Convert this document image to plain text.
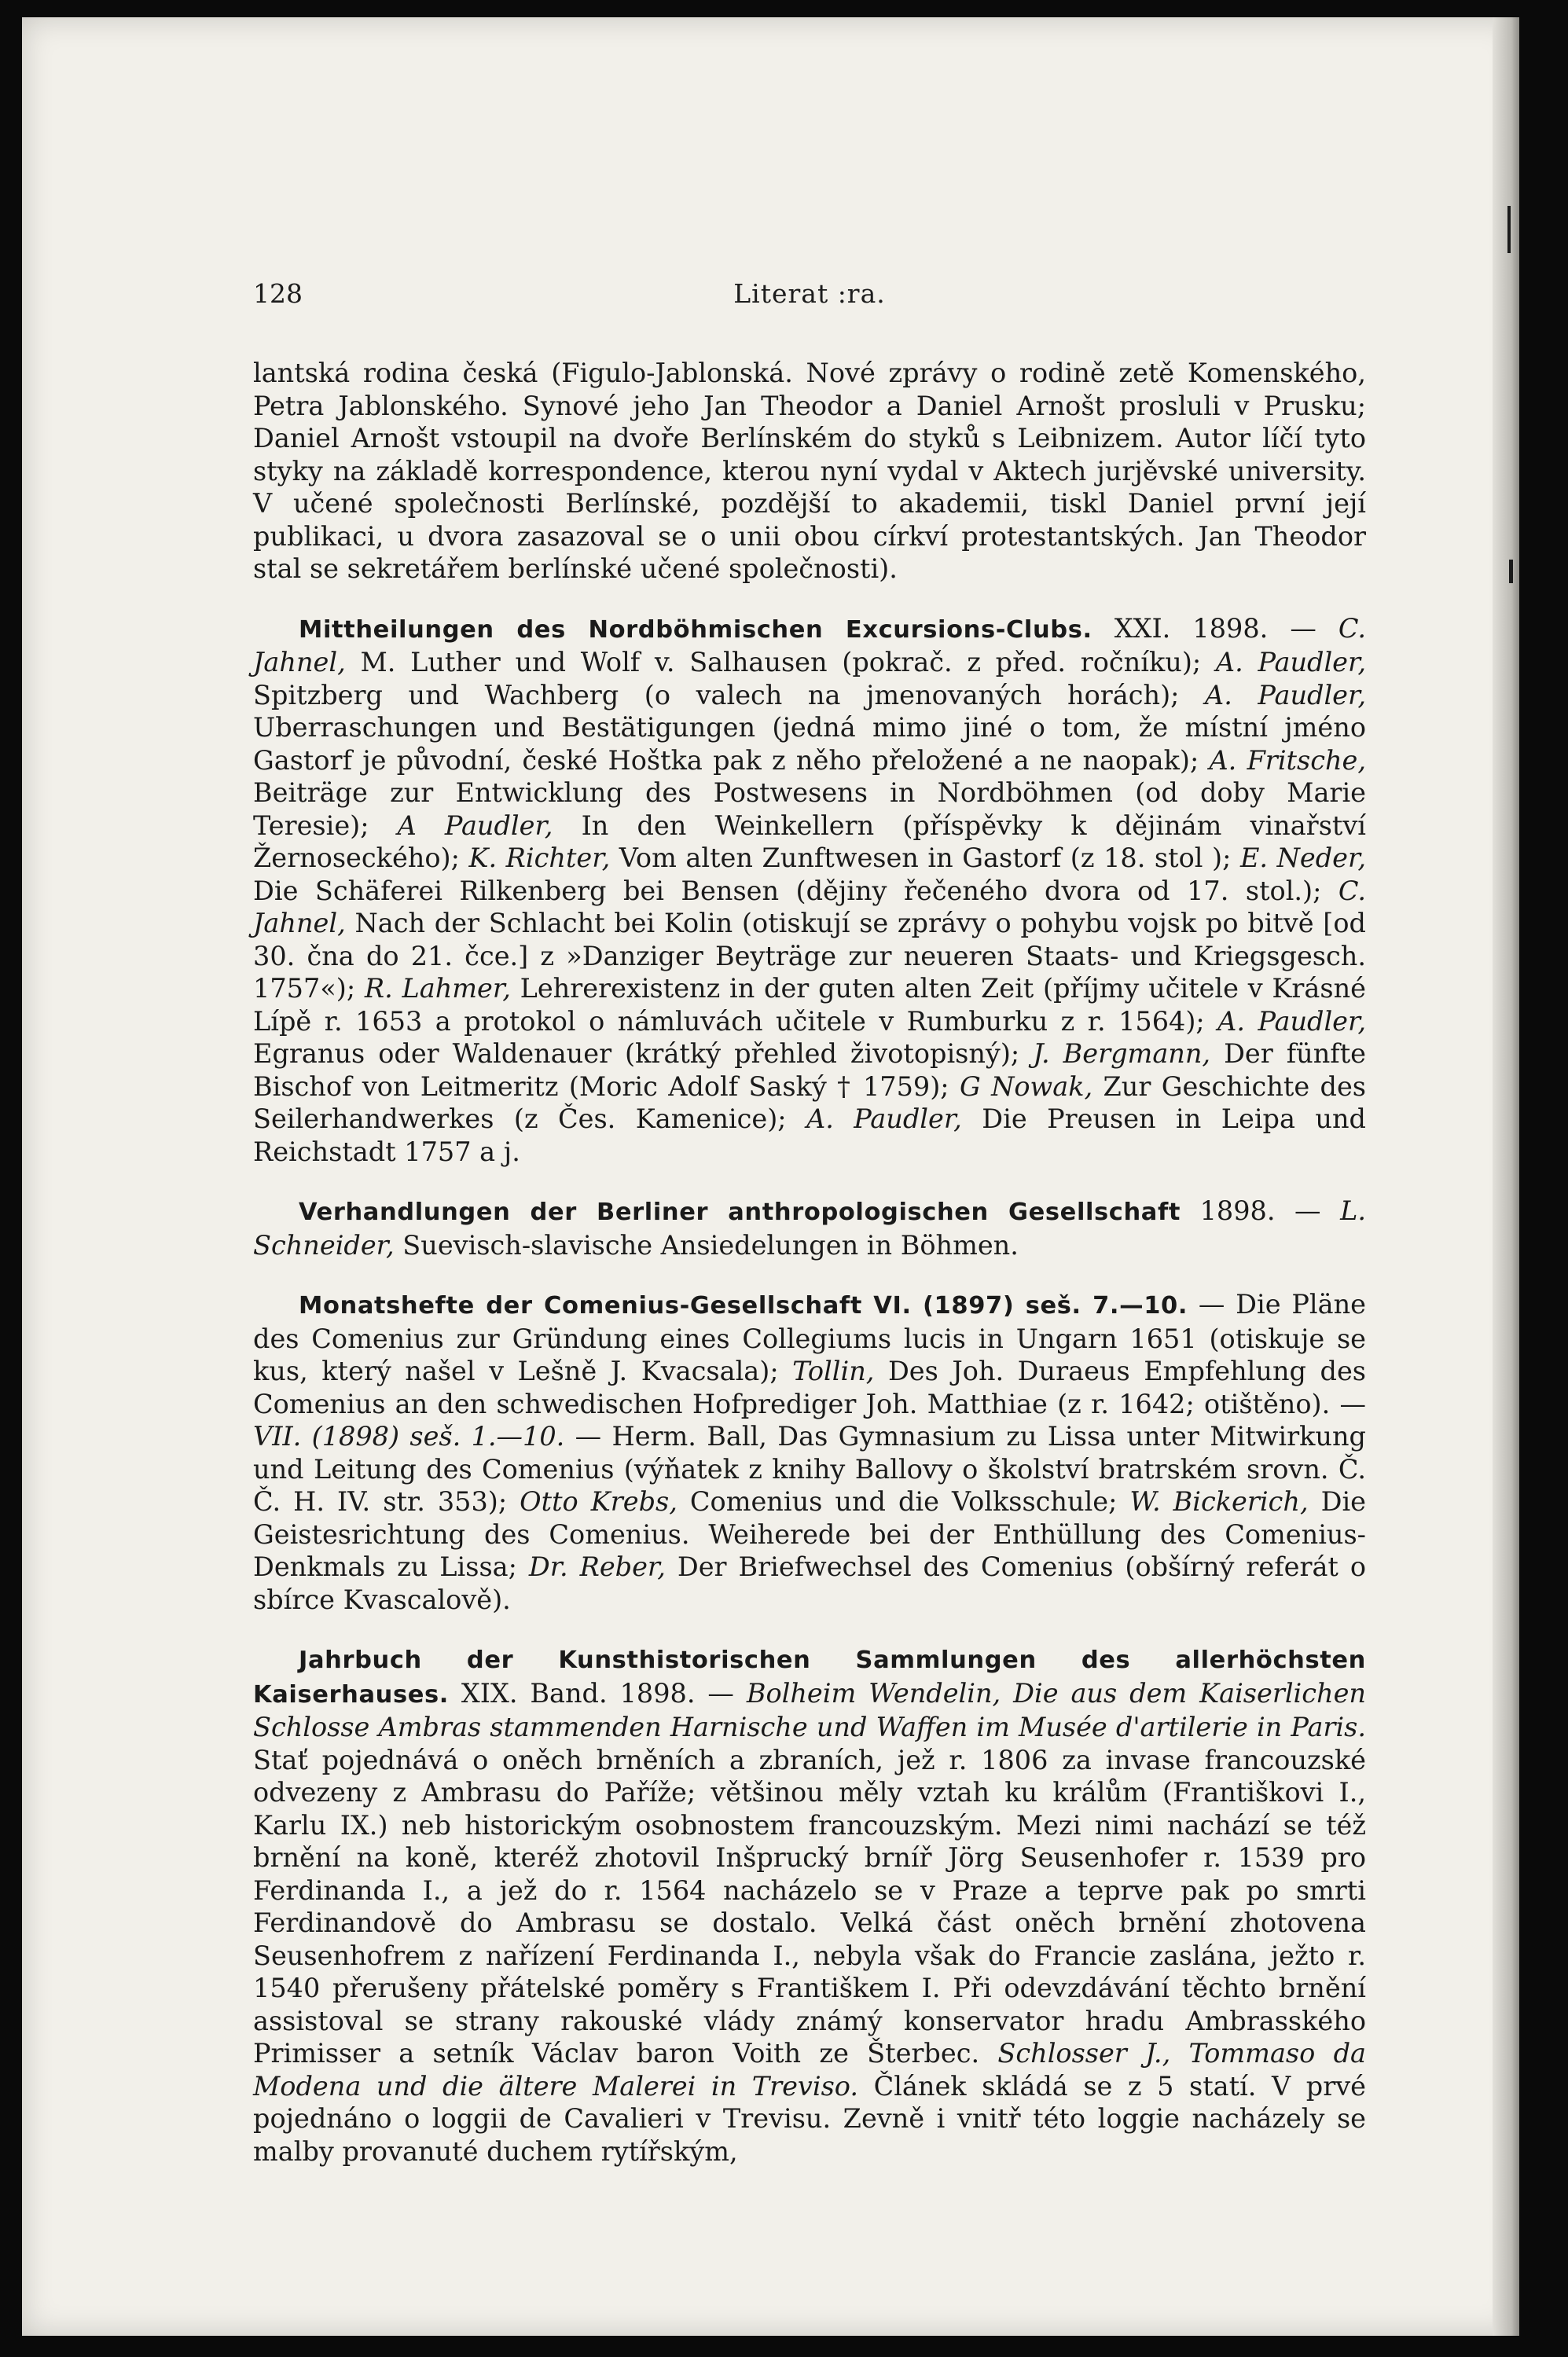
128	Literat :ra.

lantská rodina česká (Figulo-Jablonská. Nové zprávy o rodině zetě Komenského, Petra Jablonského. Synové jeho Jan Theodor a Daniel Arnošt prosluli v Prusku; Daniel Arnošt vstoupil na dvoře Berlínském do styků s Leibnizem. Autor líčí tyto styky na základě korrespondence, kterou nyní vydal v Aktech jurjěvské university. V učené společnosti Berlínské, pozdější to akademii, tiskl Daniel první její publikaci, u dvora zasazoval se o unii obou církví protestantských. Jan Theodor stal se sekretářem berlínské učené společnosti).

Mittheilungen des Nordböhmischen Excursions-Clubs. XXI. 1898. — C. Jahnel, M. Luther und Wolf v. Salhausen (pokrač. z před. ročníku); A. Paudler, Spitzberg und Wachberg (o valech na jmenovaných horách); A. Paudler, Uberraschungen und Bestätigungen (jedná mimo jiné o tom, že místní jméno Gastorf je původní, české Hoštka pak z něho přeložené a ne naopak); A. Fritsche, Beiträge zur Entwicklung des Postwesens in Nordböhmen (od doby Marie Teresie); A Paudler, In den Weinkellern (příspěvky k dějinám vinařství Žernoseckého); K. Richter, Vom alten Zunftwesen in Gastorf (z 18. stol ); E. Neder, Die Schäferei Rilkenberg bei Bensen (dějiny řečeného dvora od 17. stol.); C. Jahnel, Nach der Schlacht bei Kolin (otiskují se zprávy o pohybu vojsk po bitvě [od 30. čna do 21. čce.] z »Danziger Beyträge zur neueren Staats- und Kriegsgesch. 1757«); R. Lahmer, Lehrerexistenz in der guten alten Zeit (příjmy učitele v Krásné Lípě r. 1653 a protokol o námluvách učitele v Rumburku z r. 1564); A. Paudler, Egranus oder Waldenauer (krátký přehled životopisný); J. Bergmann, Der fünfte Bischof von Leitmeritz (Moric Adolf Saský † 1759); G Nowak, Zur Geschichte des Seilerhandwerkes (z Čes. Kamenice); A. Paudler, Die Preusen in Leipa und Reichstadt 1757 a j.

Verhandlungen der Berliner anthropologischen Gesellschaft 1898. — L. Schneider, Suevisch-slavische Ansiedelungen in Böhmen.

Monatshefte der Comenius-Gesellschaft VI. (1897) seš. 7.—10. — Die Pläne des Comenius zur Gründung eines Collegiums lucis in Ungarn 1651 (otiskuje se kus, který našel v Lešně J. Kvacsala); Tollin, Des Joh. Duraeus Empfehlung des Comenius an den schwedischen Hofprediger Joh. Matthiae (z r. 1642; otištěno). — VII. (1898) seš. 1.—10. — Herm. Ball, Das Gymnasium zu Lissa unter Mitwirkung und Leitung des Comenius (výňatek z knihy Ballovy o školství bratrském srovn. Č. Č. H. IV. str. 353); Otto Krebs, Comenius und die Volksschule; W. Bickerich, Die Geistesrichtung des Comenius. Weiherede bei der Enthüllung des Comenius-Denkmals zu Lissa; Dr. Reber, Der Briefwechsel des Comenius (obšírný referát o sbírce Kvascalově).

Jahrbuch der Kunsthistorischen Sammlungen des allerhöchsten Kaiserhauses. XIX. Band. 1898. — Bolheim Wendelin, Die aus dem Kaiserlichen Schlosse Ambras stammenden Harnische und Waffen im Musée d'artilerie in Paris. Stať pojednává o oněch brněních a zbraních, jež r. 1806 za invase francouzské odvezeny z Ambrasu do Paříže; většinou měly vztah ku králům (Františkovi I., Karlu IX.) neb historickým osobnostem francouzským. Mezi nimi nachází se též brnění na koně, kteréž zhotovil Inšprucký brníř Jörg Seusenhofer r. 1539 pro Ferdinanda I., a jež do r. 1564 nacházelo se v Praze a teprve pak po smrti Ferdinandově do Ambrasu se dostalo. Velká část oněch brnění zhotovena Seusenhofrem z nařízení Ferdinanda I., nebyla však do Francie zaslána, ježto r. 1540 přerušeny přátelské poměry s Františkem I. Při odevzdávání těchto brnění assistoval se strany rakouské vlády známý konservator hradu Ambrasského Primisser a setník Václav baron Voith ze Šterbec. Schlosser J., Tommaso da Modena und die ältere Malerei in Treviso. Článek skládá se z 5 statí. V prvé pojednáno o loggii de Cavalieri v Trevisu. Zevně i vnitř této loggie nacházely se malby provanuté duchem rytířským,
